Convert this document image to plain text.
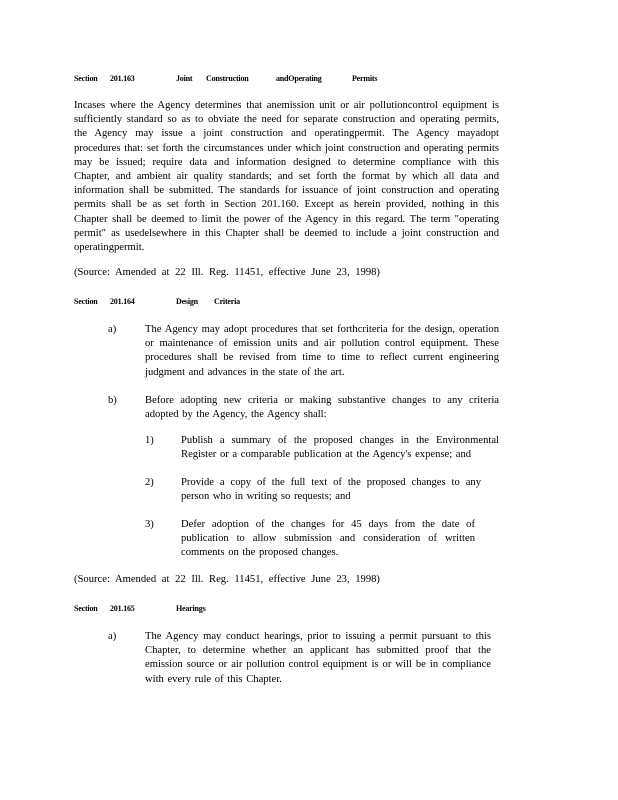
Section 201.163	Joint Construction	andOperating	Permits
Incases where the Agency determines that anemission unit or air pollutioncontrol equipment is sufficiently standard so as to obviate the need for separate construction and operating permits, the Agency may issue a joint construction and operatingpermit. The Agency mayadopt procedures that: set forth the circumstances under which joint construction and operating permits may be issued; require data and information designed to determine compliance with this Chapter, and ambient air quality standards; and set forth the format by which all data and information shall be submitted. The standards for issuance of joint construction and operating permits shall be as set forth in Section 201.160. Except as herein provided, nothing in this Chapter shall be deemed to limit the power of the Agency in this regard. The term "operating permit" as usedelsewhere in this Chapter shall be deemed to include a joint construction and operatingpermit.
(Source: Amended at 22 Ill. Reg. 11451, effective June 23, 1998)
Section 201.164	Design Criteria
a)	The Agency may adopt procedures that set forthcriteria for the design, operation or maintenance of emission units and air pollution control equipment. These procedures shall be revised from time to time to reflect current engineering judgment and advances in the state of the art.
b)	Before adopting new criteria or making substantive changes to any criteria adopted by the Agency, the Agency shall:
1)	Publish a summary of the proposed changes in the Environmental Register or a comparable publication at the Agency's expense; and
2)	Provide a copy of the full text of the proposed changes to any person who in writing so requests; and
3)	Defer adoption of the changes for 45 days from the date of publication to allow submission and consideration of written comments on the proposed changes.
(Source: Amended at 22 Ill. Reg. 11451, effective June 23, 1998)
Section 201.165	Hearings
a)	The Agency may conduct hearings, prior to issuing a permit pursuant to this Chapter, to determine whether an applicant has submitted proof that the emission source or air pollution control equipment is or will be in compliance with every rule of this Chapter.
